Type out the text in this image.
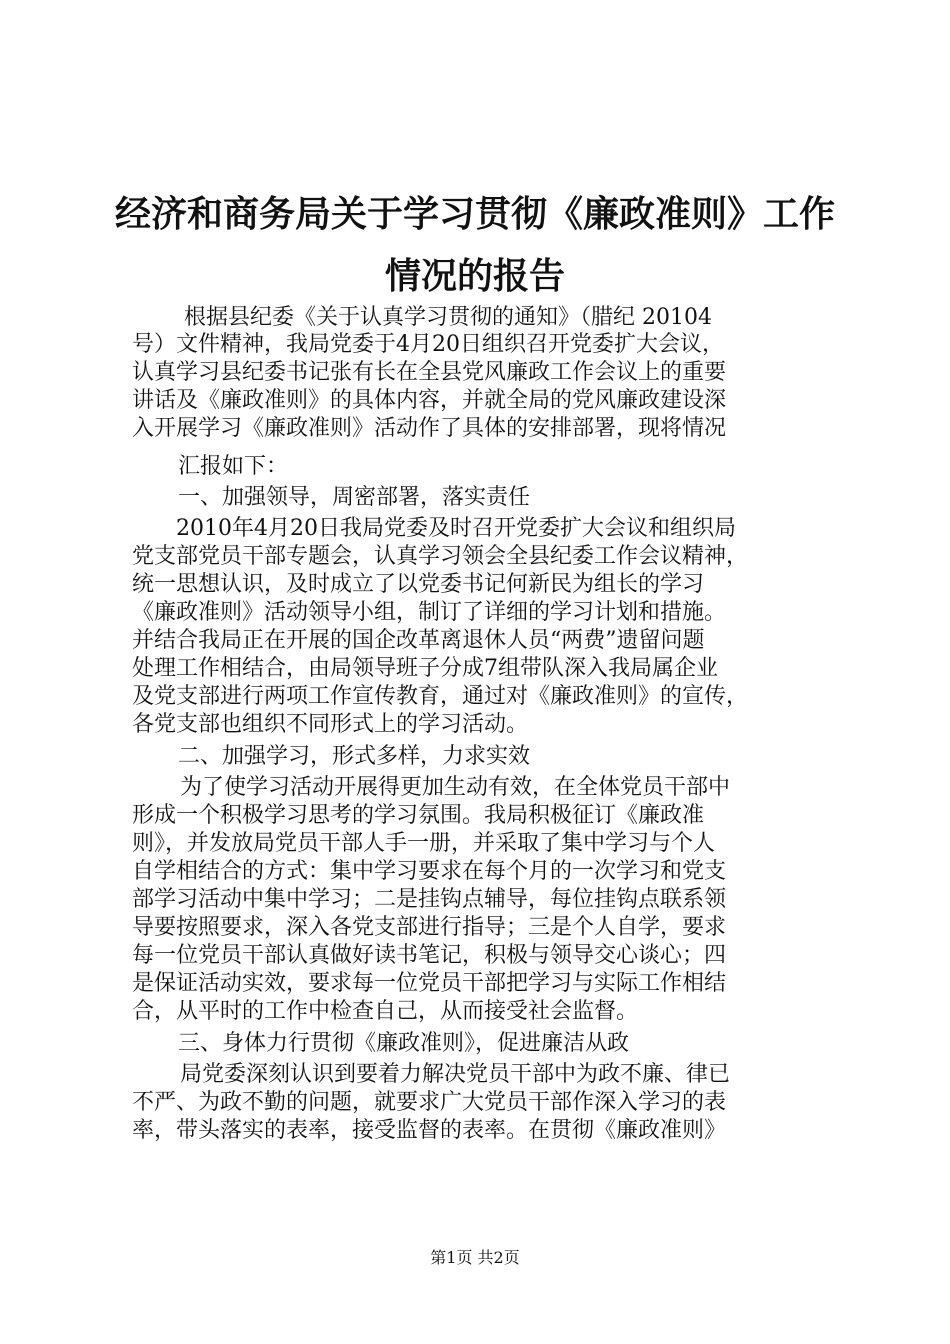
经济和商务局关于学习贯彻《廉政准则》工作
情况的报告
根据县纪委《关于认真学习贯彻的通知》（腊纪 20104
号）文件精神，我局党委于4月20日组织召开党委扩大会议，
认真学习县纪委书记张有长在全县党风廉政工作会议上的重要
讲话及《廉政准则》的具体内容，并就全局的党风廉政建设深
入开展学习《廉政准则》活动作了具体的安排部署，现将情况
汇报如下：
一、加强领导，周密部署，落实责任
2010年4月20日我局党委及时召开党委扩大会议和组织局
党支部党员干部专题会，认真学习领会全县纪委工作会议精神，
统一思想认识，及时成立了以党委书记何新民为组长的学习
《廉政准则》活动领导小组，制订了详细的学习计划和措施。
并结合我局正在开展的国企改革离退休人员“两费”遗留问题
处理工作相结合，由局领导班子分成7组带队深入我局属企业
及党支部进行两项工作宣传教育，通过对《廉政准则》的宣传，
各党支部也组织不同形式上的学习活动。
二、加强学习，形式多样，力求实效
为了使学习活动开展得更加生动有效，在全体党员干部中
形成一个积极学习思考的学习氛围。我局积极征订《廉政准
则》，并发放局党员干部人手一册，并采取了集中学习与个人
自学相结合的方式：集中学习要求在每个月的一次学习和党支
部学习活动中集中学习；二是挂钩点辅导，每位挂钩点联系领
导要按照要求，深入各党支部进行指导；三是个人自学，要求
每一位党员干部认真做好读书笔记，积极与领导交心谈心；四
是保证活动实效，要求每一位党员干部把学习与实际工作相结
合，从平时的工作中检查自己，从而接受社会监督。
三、身体力行贯彻《廉政准则》，促进廉洁从政
局党委深刻认识到要着力解决党员干部中为政不廉、律已
不严、为政不勤的问题，就要求广大党员干部作深入学习的表
率，带头落实的表率，接受监督的表率。在贯彻《廉政准则》
第1页 共2页
